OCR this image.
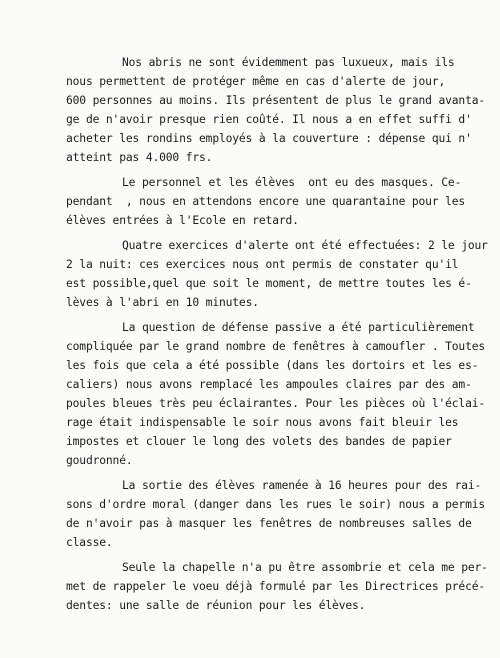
Nos abris ne sont évidemment pas luxueux, mais ils
nous permettent de protéger même en cas d'alerte de jour,
600 personnes au moins. Ils présentent de plus le grand avanta-
ge de n'avoir presque rien coûté. Il nous a en effet suffi d'
acheter les rondins employés à la couverture : dépense qui n'
atteint pas 4.000 frs.
Le personnel et les élèves  ont eu des masques. Ce-
pendant  , nous en attendons encore une quarantaine pour les
élèves entrées à l'Ecole en retard.
Quatre exercices d'alerte ont été effectuées: 2 le jour
2 la nuit: ces exercices nous ont permis de constater qu'il
est possible,quel que soit le moment, de mettre toutes les é-
lèves à l'abri en 10 minutes.
La question de défense passive a été particulièrement
compliquée par le grand nombre de fenêtres à camoufler . Toutes
les fois que cela a été possible (dans les dortoirs et les es-
caliers) nous avons remplacé les ampoules claires par des am-
poules bleues très peu éclairantes. Pour les pièces où l'éclai-
rage était indispensable le soir nous avons fait bleuir les
impostes et clouer le long des volets des bandes de papier
goudronné.
La sortie des élèves ramenée à 16 heures pour des rai-
sons d'ordre moral (danger dans les rues le soir) nous a permis
de n'avoir pas à masquer les fenêtres de nombreuses salles de
classe.
Seule la chapelle n'a pu être assombrie et cela me per-
met de rappeler le voeu déjà formulé par les Directrices précé-
dentes: une salle de réunion pour les élèves.
